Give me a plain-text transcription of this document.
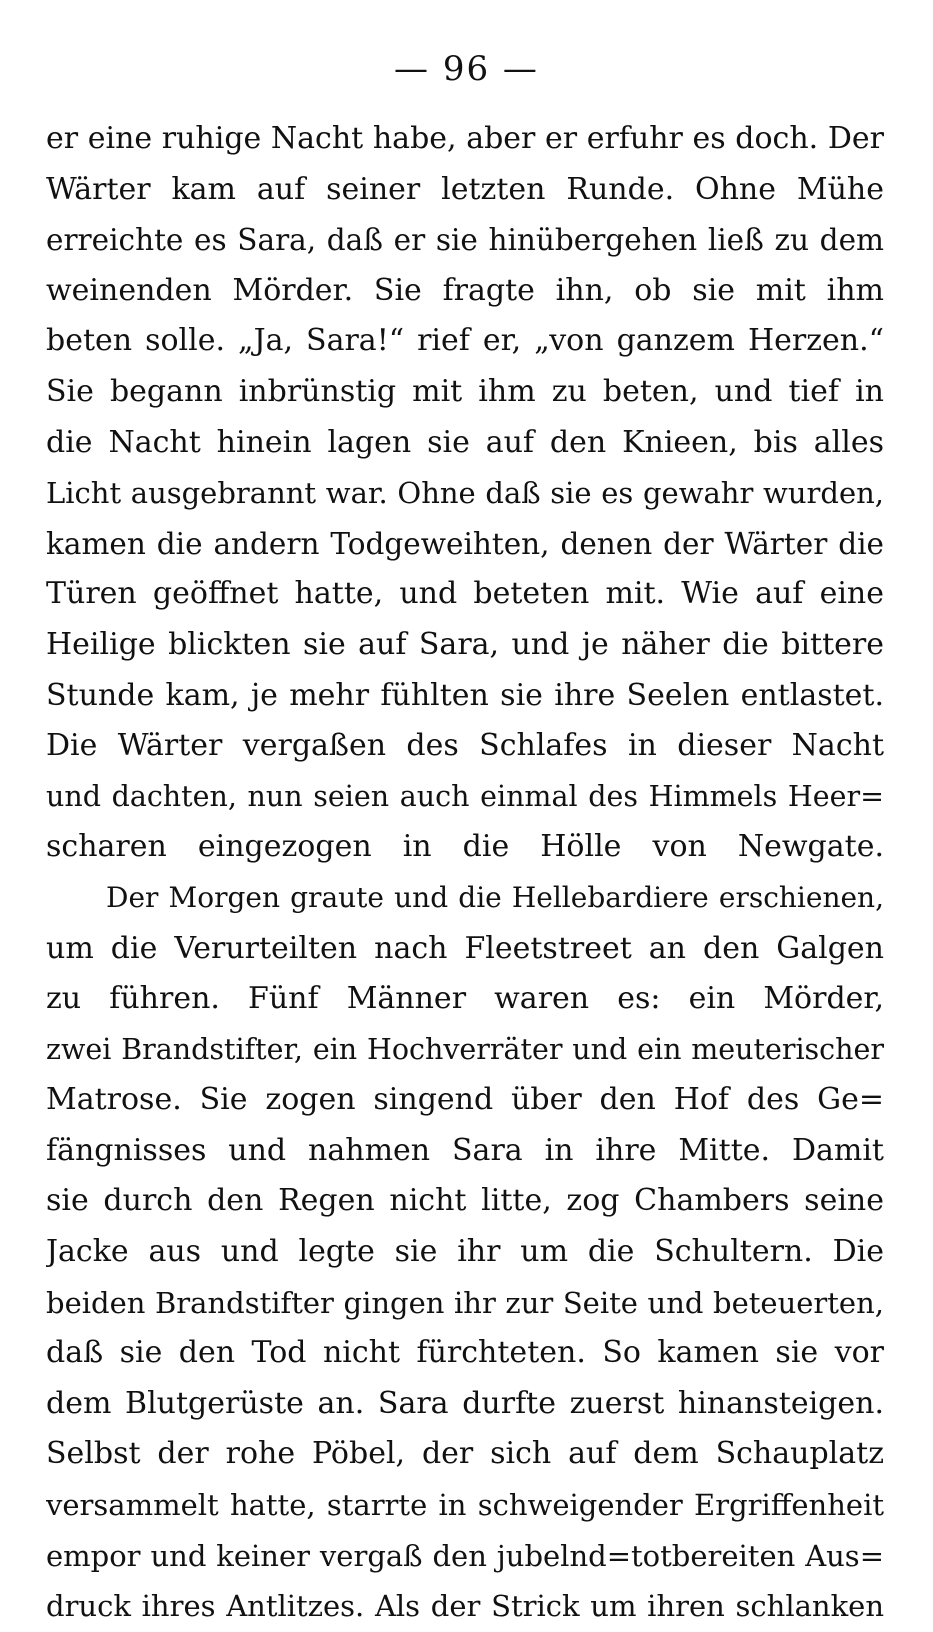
— 96 —
er eine ruhige Nacht habe, aber er erfuhr es doch. Der
Wärter kam auf seiner letzten Runde. Ohne Mühe
erreichte es Sara, daß er sie hinübergehen ließ zu dem
weinenden Mörder. Sie fragte ihn, ob sie mit ihm
beten solle. „Ja, Sara!“ rief er, „von ganzem Herzen.“
Sie begann inbrünstig mit ihm zu beten, und tief in
die Nacht hinein lagen sie auf den Knieen, bis alles
Licht ausgebrannt war. Ohne daß sie es gewahr wurden,
kamen die andern Todgeweihten, denen der Wärter die
Türen geöffnet hatte, und beteten mit. Wie auf eine
Heilige blickten sie auf Sara, und je näher die bittere
Stunde kam, je mehr fühlten sie ihre Seelen entlastet.
Die Wärter vergaßen des Schlafes in dieser Nacht
und dachten, nun seien auch einmal des Himmels Heer=
scharen eingezogen in die Hölle von Newgate.
Der Morgen graute und die Hellebardiere erschienen,
um die Verurteilten nach Fleetstreet an den Galgen
zu führen. Fünf Männer waren es: ein Mörder,
zwei Brandstifter, ein Hochverräter und ein meuterischer
Matrose. Sie zogen singend über den Hof des Ge=
fängnisses und nahmen Sara in ihre Mitte. Damit
sie durch den Regen nicht litte, zog Chambers seine
Jacke aus und legte sie ihr um die Schultern. Die
beiden Brandstifter gingen ihr zur Seite und beteuerten,
daß sie den Tod nicht fürchteten. So kamen sie vor
dem Blutgerüste an. Sara durfte zuerst hinansteigen.
Selbst der rohe Pöbel, der sich auf dem Schauplatz
versammelt hatte, starrte in schweigender Ergriffenheit
empor und keiner vergaß den jubelnd=totbereiten Aus=
druck ihres Antlitzes. Als der Strick um ihren schlanken
